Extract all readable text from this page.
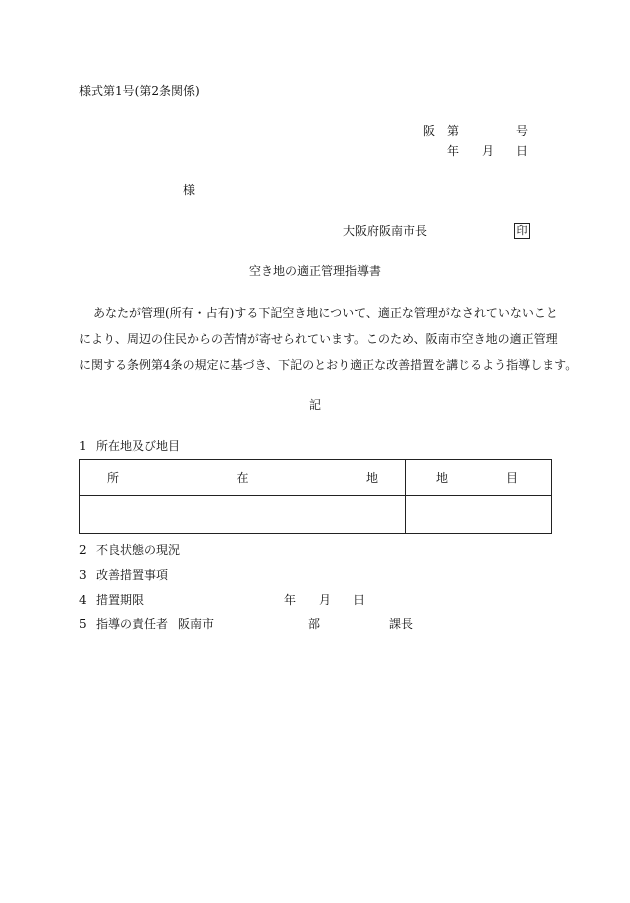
様式第1号(第2条関係)
阪 第	号
年 月 日
様
大阪府阪南市長	印
空き地の適正管理指導書
あなたが管理(所有・占有)する下記空き地について、適正な管理がなされていないこと
により、周辺の住民からの苦情が寄せられています。このため、阪南市空き地の適正管理
に関する条例第4条の規定に基づき、下記のとおり適正な改善措置を講じるよう指導します。
記
1 所在地及び地目
所 在 地	地 目

2 不良状態の現況
3 改善措置事項
4 措置期限	年 月 日
5 指導の責任者 阪南市	部	課長
